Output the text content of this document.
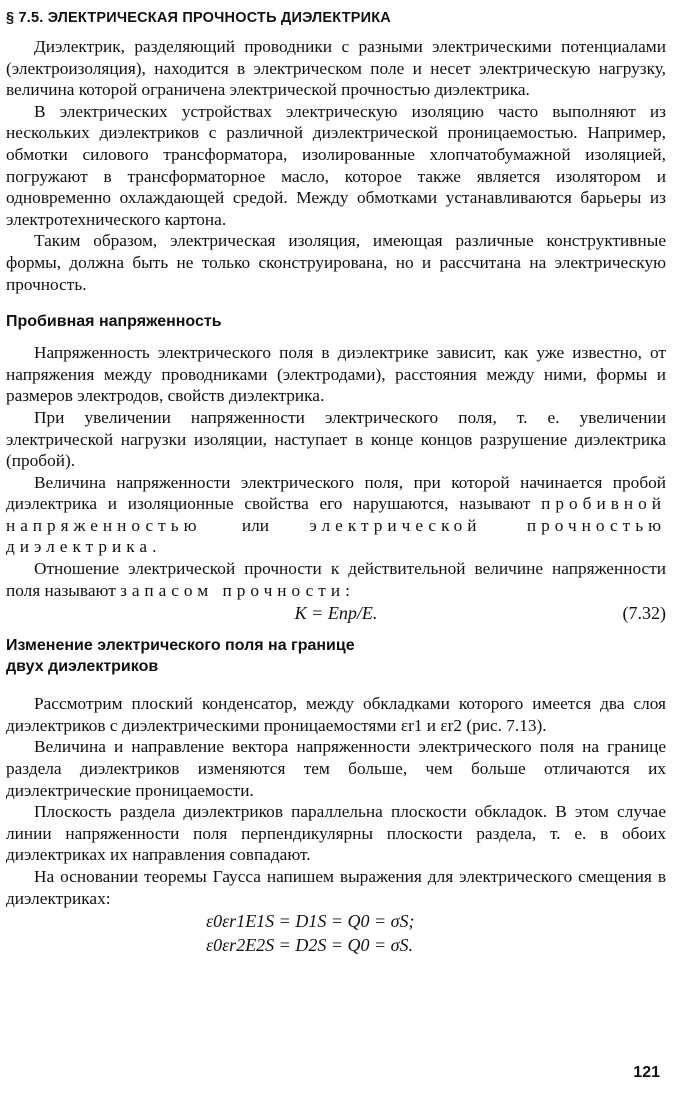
§ 7.5. ЭЛЕКТРИЧЕСКАЯ ПРОЧНОСТЬ ДИЭЛЕКТРИКА

Диэлектрик, разделяющий проводники с разными электрическими потенциалами (электроизоляция), находится в электрическом поле и несет электрическую нагрузку, величина которой ограничена электрической прочностью диэлектрика.

В электрических устройствах электрическую изоляцию часто выполняют из нескольких диэлектриков с различной диэлектрической проницаемостью. Например, обмотки силового трансформатора, изолированные хлопчатобумажной изоляцией, погружают в трансформаторное масло, которое также является изолятором и одновременно охлаждающей средой. Между обмотками устанавливаются барьеры из электротехнического картона.

Таким образом, электрическая изоляция, имеющая различные конструктивные формы, должна быть не только сконструирована, но и рассчитана на электрическую прочность.

Пробивная напряженность

Напряженность электрического поля в диэлектрике зависит, как уже известно, от напряжения между проводниками (электродами), расстояния между ними, формы и размеров электродов, свойств диэлектрика.

При увеличении напряженности электрического поля, т. е. увеличении электрической нагрузки изоляции, наступает в конце концов разрушение диэлектрика (пробой).

Величина напряженности электрического поля, при которой начинается пробой диэлектрика и изоляционные свойства его нарушаются, называют пробивной напряженностью или электрической прочностью диэлектрика.

Отношение электрической прочности к действительной величине напряженности поля называют запасом прочности:

K = Eпр/E.	(7.32)
Изменение электрического поля на границе
двух диэлектриков

Рассмотрим плоский конденсатор, между обкладками которого имеется два слоя диэлектриков с диэлектрическими проницаемостями εr1 и εr2 (рис. 7.13).

Величина и направление вектора напряженности электрического поля на границе раздела диэлектриков изменяются тем больше, чем больше отличаются их диэлектрические проницаемости.

Плоскость раздела диэлектриков параллельна плоскости обкладок. В этом случае линии напряженности поля перпендикулярны плоскости раздела, т. е. в обоих диэлектриках их направления совпадают.

На основании теоремы Гаусса напишем выражения для электрического смещения в диэлектриках:

ε0εr1E1S = D1S = Q0 = σS;
ε0εr2E2S = D2S = Q0 = σS.
121
